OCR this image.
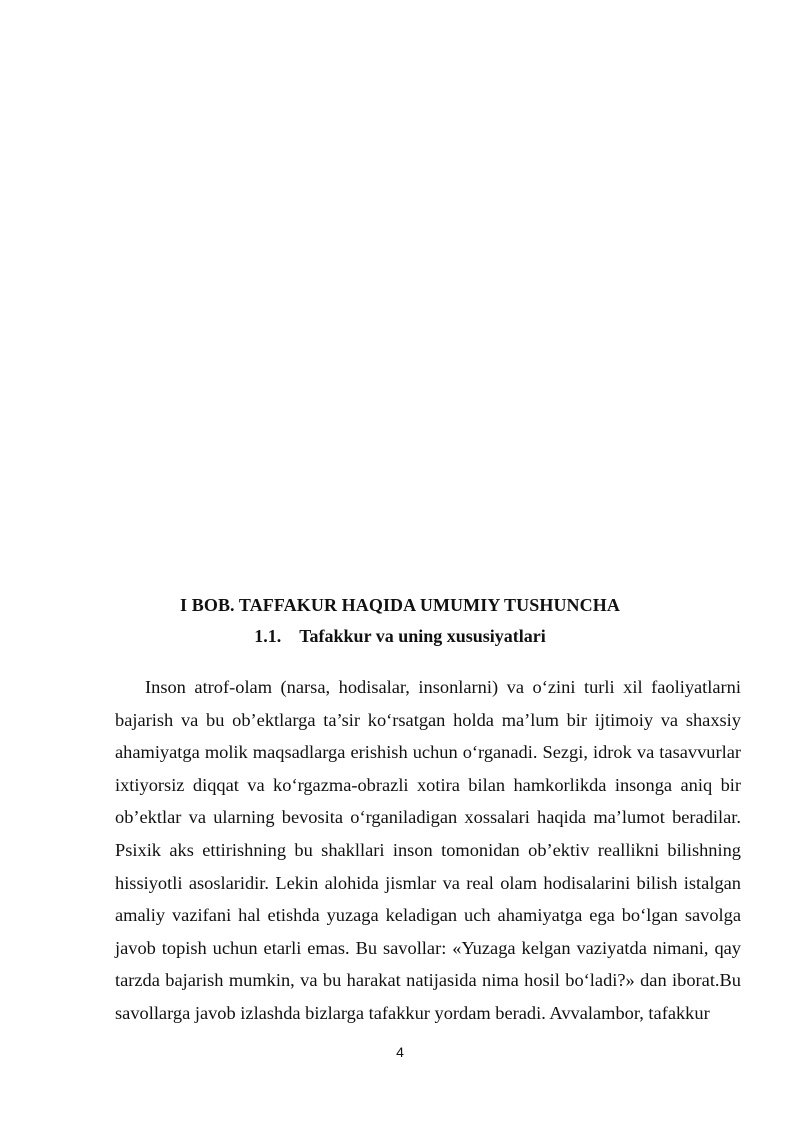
I BOB. TAFFAKUR HAQIDA UMUMIY TUSHUNCHA
1.1. Tafakkur va uning xususiyatlari

Inson atrof-olam (narsa, hodisalar, insonlarni) va o‘zini turli xil faoliyatlarni bajarish va bu ob’ektlarga ta’sir ko‘rsatgan holda ma’lum bir ijtimoiy va shaxsiy ahamiyatga molik maqsadlarga erishish uchun o‘rganadi. Sezgi, idrok va tasavvurlar ixtiyorsiz diqqat va ko‘rgazma-obrazli xotira bilan hamkorlikda insonga aniq bir ob’ektlar va ularning bevosita o‘rganiladigan xossalari haqida ma’lumot beradilar. Psixik aks ettirishning bu shakllari inson tomonidan ob’ektiv reallikni bilishning hissiyotli asoslaridir. Lekin alohida jismlar va real olam hodisalarini bilish istalgan amaliy vazifani hal etishda yuzaga keladigan uch ahamiyatga ega bo‘lgan savolga javob topish uchun etarli emas. Bu savollar: «Yuzaga kelgan vaziyatda nimani, qay tarzda bajarish mumkin, va bu harakat natijasida nima hosil bo‘ladi?» dan iborat.Bu savollarga javob izlashda bizlarga tafakkur yordam beradi. Avvalambor, tafakkur

4
